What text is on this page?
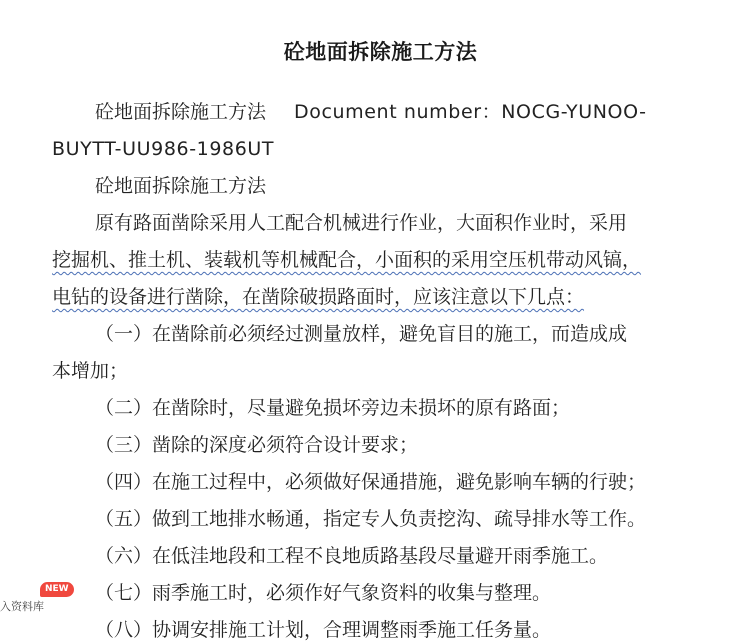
砼地面拆除施工方法
砼地面拆除施工方法 Document number：NOCG-YUNOO-
BUYTT-UU986-1986UT
砼地面拆除施工方法
原有路面凿除采用人工配合机械进行作业，大面积作业时，采用
挖掘机、推土机、装载机等机械配合，小面积的采用空压机带动风镐，
电钻的设备进行凿除，在凿除破损路面时，应该注意以下几点：
（一）在凿除前必须经过测量放样，避免盲目的施工，而造成成
本增加；
（二）在凿除时，尽量避免损坏旁边未损坏的原有路面；
（三）凿除的深度必须符合设计要求；
（四）在施工过程中，必须做好保通措施，避免影响车辆的行驶；
（五）做到工地排水畅通，指定专人负责挖沟、疏导排水等工作。
（六）在低洼地段和工程不良地质路基段尽量避开雨季施工。
（七）雨季施工时，必须作好气象资料的收集与整理。
（八）协调安排施工计划，合理调整雨季施工任务量。
NEW
入资料库
